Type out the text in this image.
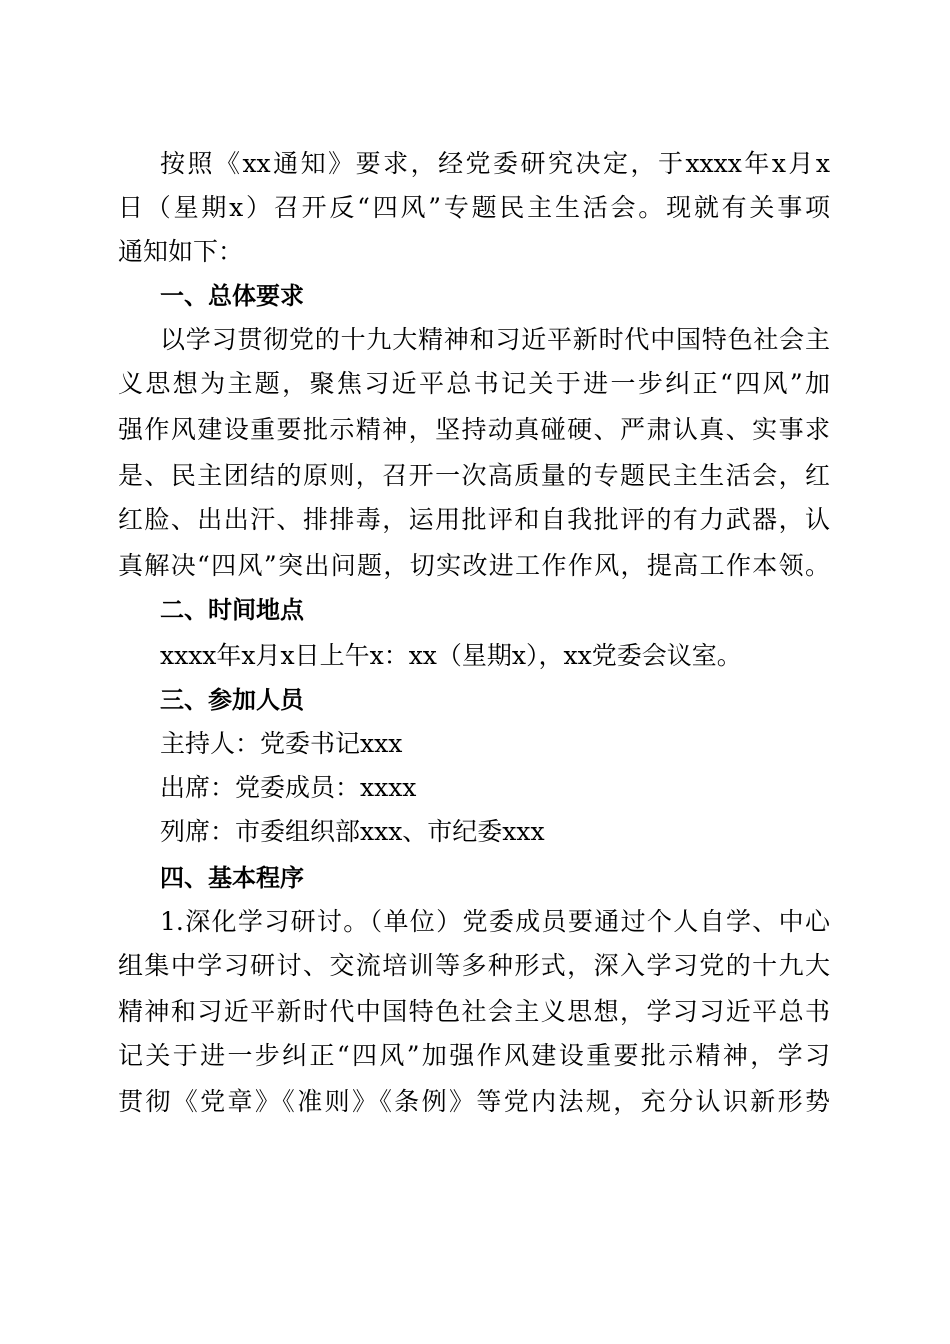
按照《xx通知》要求，经党委研究决定，于xxxx年x月x
日（星期x）召开反“四风”专题民主生活会。现就有关事项
通知如下：
一、总体要求
以学习贯彻党的十九大精神和习近平新时代中国特色社会主
义思想为主题，聚焦习近平总书记关于进一步纠正“四风”加
强作风建设重要批示精神，坚持动真碰硬、严肃认真、实事求
是、民主团结的原则，召开一次高质量的专题民主生活会，红
红脸、出出汗、排排毒，运用批评和自我批评的有力武器，认
真解决“四风”突出问题，切实改进工作作风，提高工作本领。
二、时间地点
xxxx年x月x日上午x：xx（星期x），xx党委会议室。
三、参加人员
主持人：党委书记xxx
出席：党委成员：xxxx
列席：市委组织部xxx、市纪委xxx
四、基本程序
1.深化学习研讨。（单位）党委成员要通过个人自学、中心
组集中学习研讨、交流培训等多种形式，深入学习党的十九大
精神和习近平新时代中国特色社会主义思想，学习习近平总书
记关于进一步纠正“四风”加强作风建设重要批示精神，学习
贯彻《党章》《准则》《条例》等党内法规，充分认识新形势
